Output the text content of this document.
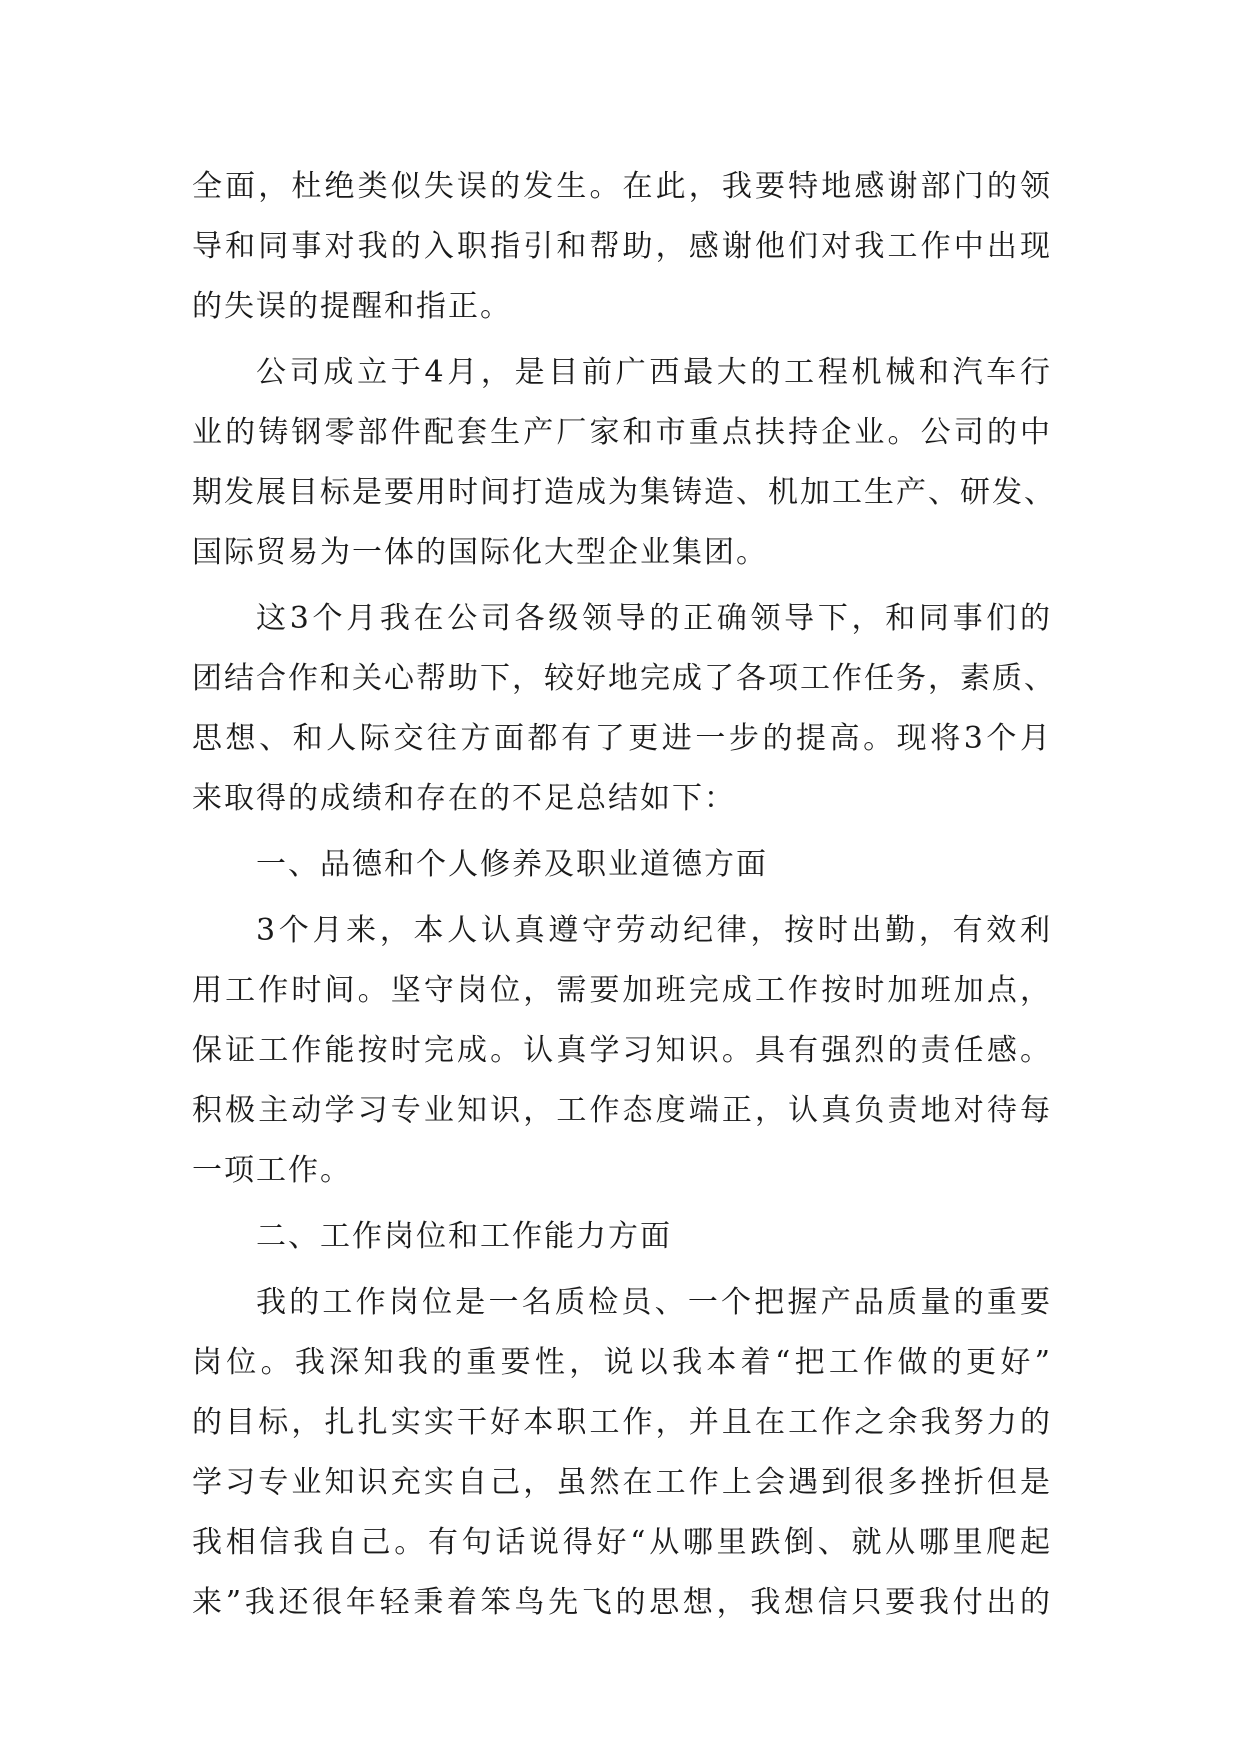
全面，杜绝类似失误的发生。在此，我要特地感谢部门的领
导和同事对我的入职指引和帮助，感谢他们对我工作中出现
的失误的提醒和指正。
公司成立于4月，是目前广西最大的工程机械和汽车行
业的铸钢零部件配套生产厂家和市重点扶持企业。公司的中
期发展目标是要用时间打造成为集铸造、机加工生产、研发、
国际贸易为一体的国际化大型企业集团。
这3个月我在公司各级领导的正确领导下，和同事们的
团结合作和关心帮助下，较好地完成了各项工作任务，素质、
思想、和人际交往方面都有了更进一步的提高。现将3个月
来取得的成绩和存在的不足总结如下：
一、品德和个人修养及职业道德方面
3个月来，本人认真遵守劳动纪律，按时出勤，有效利
用工作时间。坚守岗位，需要加班完成工作按时加班加点，
保证工作能按时完成。认真学习知识。具有强烈的责任感。
积极主动学习专业知识，工作态度端正，认真负责地对待每
一项工作。
二、工作岗位和工作能力方面
我的工作岗位是一名质检员、一个把握产品质量的重要
岗位。我深知我的重要性，说以我本着“把工作做的更好”
的目标，扎扎实实干好本职工作，并且在工作之余我努力的
学习专业知识充实自己，虽然在工作上会遇到很多挫折但是
我相信我自己。有句话说得好“从哪里跌倒、就从哪里爬起
来”我还很年轻秉着笨鸟先飞的思想，我想信只要我付出的
